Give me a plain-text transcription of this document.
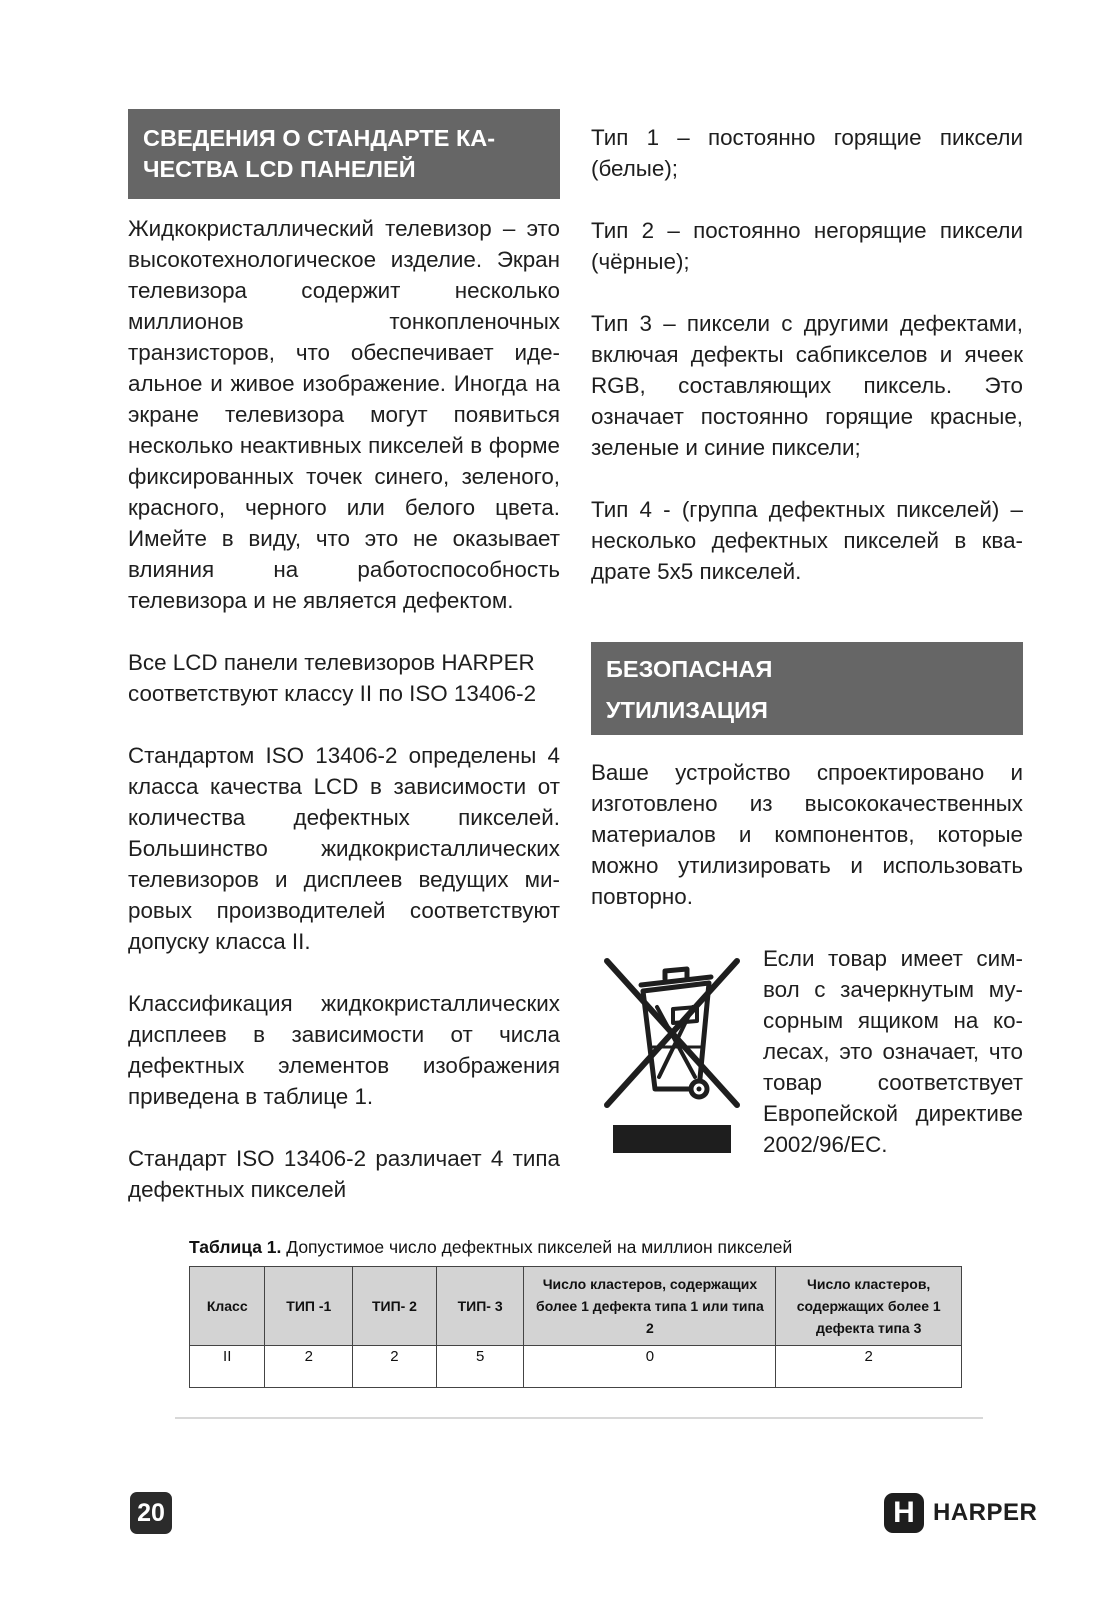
СВЕДЕНИЯ О СТАНДАРТЕ КА-
ЧЕСТВА LCD ПАНЕЛЕЙ

Жидкокристаллический телевизор – это высокотехнологическое изделие. Экран телевизора содержит несколько миллионов тонкопленочных транзисторов, что обеспечивает идеальное и живое изображение. Иногда на экране телевизора могут появиться несколько неактивных пикселей в форме фиксированных точек синего, зеленого, красного, черного или белого цвета. Имейте в виду, что это не оказывает влияния на работоспособность телевизора и не является дефектом.

Все LCD панели телевизоров HARPER соответствуют классу II по ISO 13406-2

Стандартом ISO 13406-2 определены 4 класса качества LCD в зависимости от количества дефектных пикселей. Большинство жидкокристаллических телевизоров и дисплеев ведущих мировых производителей соответствуют допуску класса II.

Классификация жидкокристаллических дисплеев в зависимости от числа дефектных элементов изображения приведена в таблице 1.

Стандарт ISO 13406-2 различает 4 типа дефектных пикселей

Тип 1 – постоянно горящие пиксели (белые);

Тип 2 – постоянно негорящие пиксели (чёрные);

Тип 3 – пиксели с другими дефектами, включая дефекты сабпикселов и ячеек RGB, составляющих пиксель. Это означает постоянно горящие красные, зеленые и синие пиксели;

Тип 4 - (группа дефектных пикселей) – несколько дефектных пикселей в квадрате 5x5 пикселей.

БЕЗОПАСНАЯ
УТИЛИЗАЦИЯ

Ваше устройство спроектировано и изготовлено из высококачественных материалов и компонентов, которые можно утилизировать и использовать повторно.

Если товар имеет символ с зачеркнутым мусорным ящиком на колесах, это означает, что товар соответствует Европейской директиве 2002/96/EC.

Таблица 1. Допустимое число дефектных пикселей на миллион пикселей

Класс	ТИП -1	ТИП- 2	ТИП- 3	Число кластеров, содержащих более 1 дефекта типа 1 или типа 2	Число кластеров, содержащих более 1 дефекта типа 3
II	2	2	5	0	2
20	H HARPER
